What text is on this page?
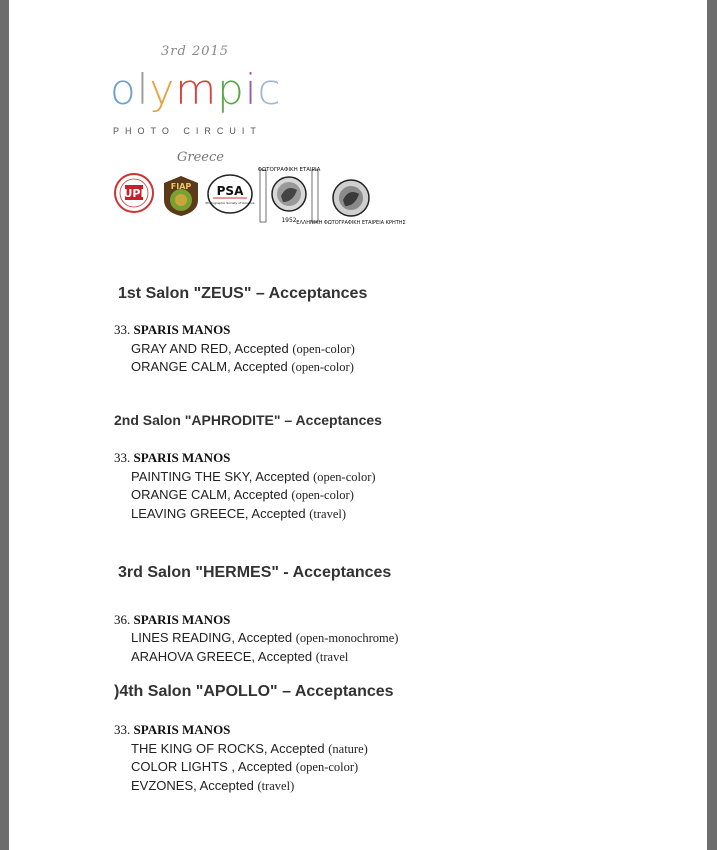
3rd 2015
olympic
PHOTO CIRCUIT
Greece
UPI
FIAP PSA
Photographic Society of America
ΦΩΤΟΓΡΑΦΙΚΗ ΕΤΑΙΡΙΑ
1952 ΕΛΛΗΝΙΚΗ ΦΩΤΟΓΡΑΦΙΚΗ ΕΤΑΙΡΕΙΑ ΚΡΗΤΗΣ
1st Salon "ZEUS" – Acceptances
33. SPARIS MANOS
GRAY AND RED, Accepted (open-color)
ORANGE CALM, Accepted (open-color)
2nd Salon "APHRODITE" – Acceptances
33. SPARIS MANOS
PAINTING THE SKY, Accepted (open-color)
ORANGE CALM, Accepted (open-color)
LEAVING GREECE, Accepted (travel)
3rd Salon "HERMES" - Acceptances
36. SPARIS MANOS
LINES READING, Accepted (open-monochrome)
ARAHOVA GREECE, Accepted (travel
)4th Salon "APOLLO" – Acceptances
33. SPARIS MANOS
THE KING OF ROCKS, Accepted (nature)
COLOR LIGHTS , Accepted (open-color)
EVZONES, Accepted (travel)
